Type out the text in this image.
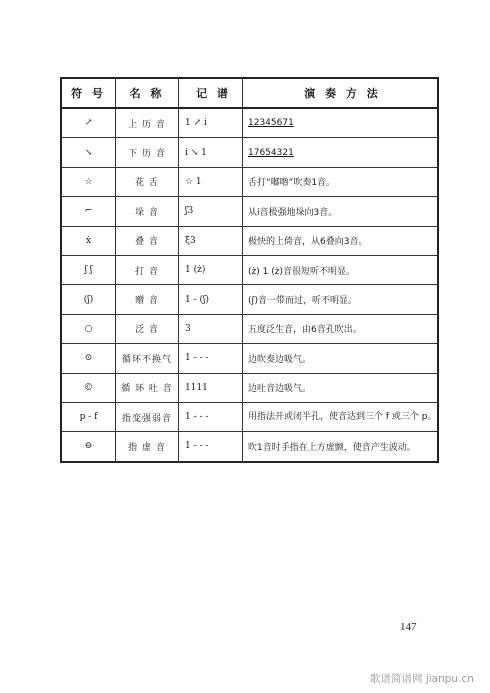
符 号	名 称	记 谱	演 奏 方 法
↗	上 历 音	1 ↗ i	12345671
↘	下 历 音	i ↘ 1	17654321
☆	花 舌	☆ 1	舌打“嘟噜”吹奏1音。
⌐	垛 音	ʃ3	从i音极强地垛向3音。
ẋ	叠 音	ξ3	极快的上倚音，从6叠向3音。
ʃ ʃ	打 音	1 (ż)	(ż) 1 (ż)音很短听不明显。
(ʃ)	赠 音	1 - (ʃ)	(ʃ)音一带而过，听不明显。
○	泛 音	3	五度泛生音，由6音孔吹出。
⊙	循环不换气	1 - - -	边吹奏边吸气。
©	循 环 吐 音	1111	边吐音边吸气。
p - f	指变强弱音	1 - - -	用指法开或闭半孔，使音达到三个 f 或三个 p。
⊖	指 虚 音	1 - - -	吹1音时手指在上方虚颤，使音产生波动。
147
歌谱简谱网 jianpu.cn
